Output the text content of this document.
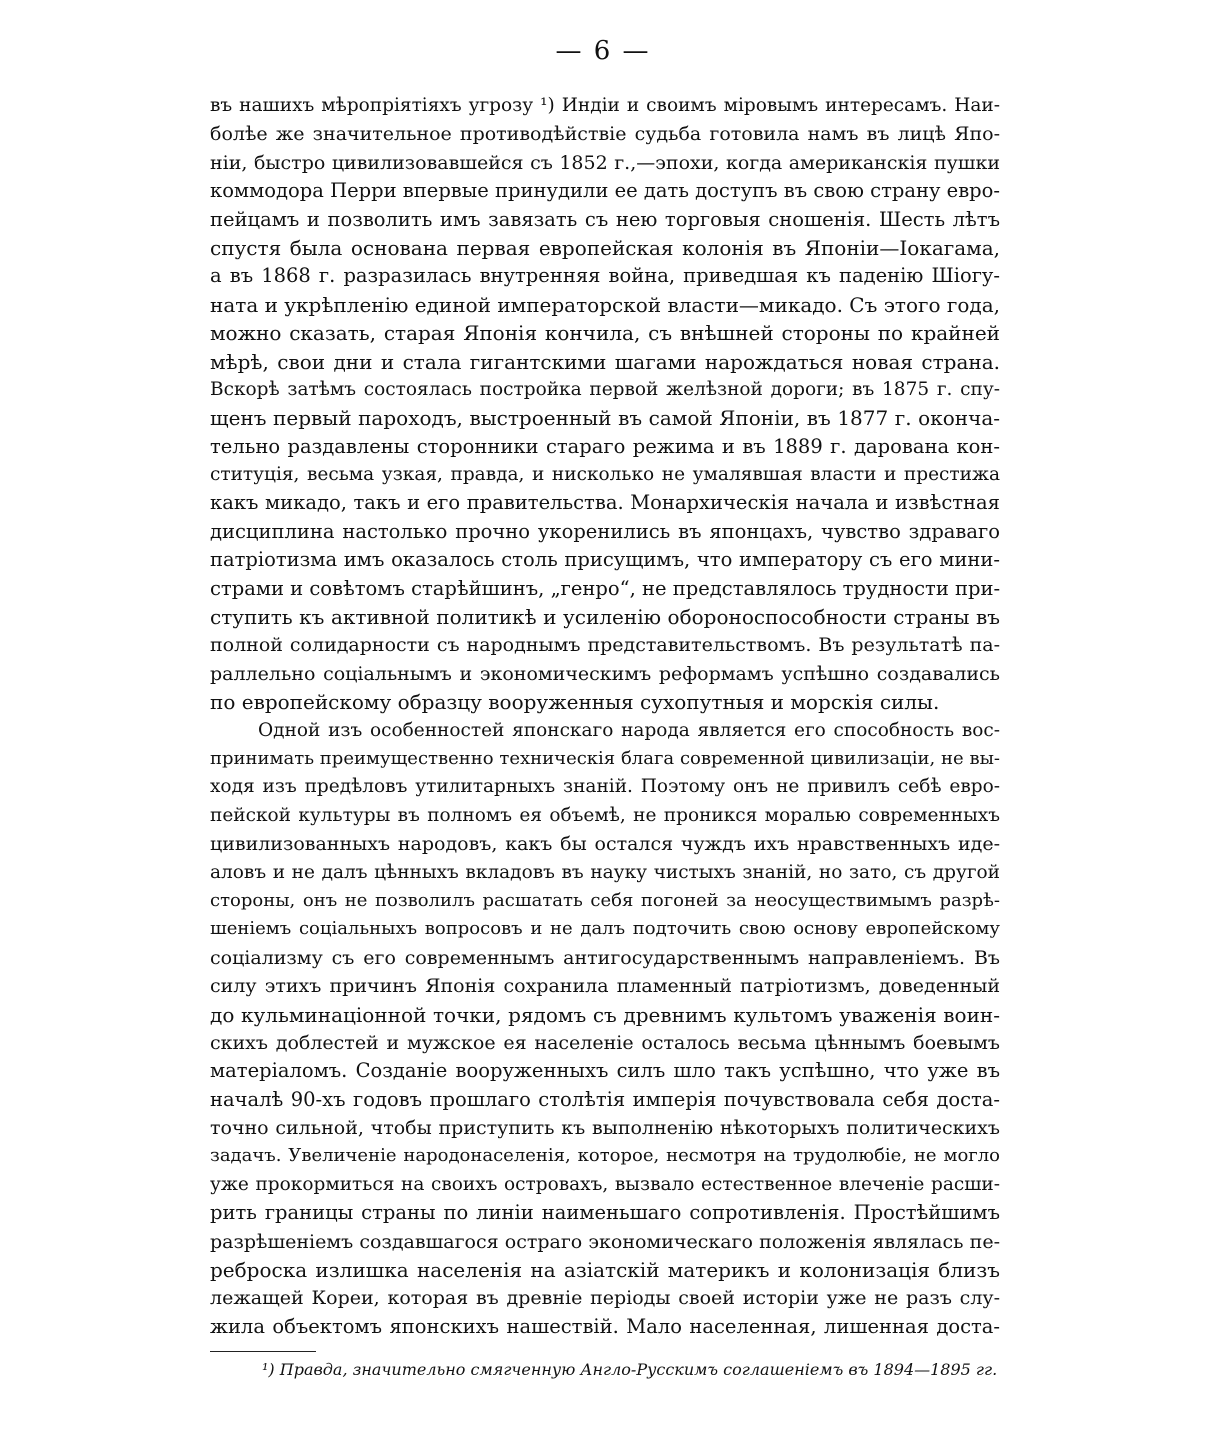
— 6 —
въ нашихъ мѣропріятіяхъ угрозу ¹) Индіи и своимъ міровымъ интересамъ. Наи-
болѣе же значительное противодѣйствіе судьба готовила намъ въ лицѣ Япо-
ніи, быстро цивилизовавшейся съ 1852 г.,—эпохи, когда американскія пушки
коммодора Перри впервые принудили ее дать доступъ въ свою страну евро-
пейцамъ и позволить имъ завязать съ нею торговыя сношенія. Шесть лѣтъ
спустя была основана первая европейская колонія въ Японіи—Іокагама,
а въ 1868 г. разразилась внутренняя война, приведшая къ паденію Шіогу-
ната и укрѣпленію единой императорской власти—микадо. Съ этого года,
можно сказать, старая Японія кончила, съ внѣшней стороны по крайней
мѣрѣ, свои дни и стала гигантскими шагами нарождаться новая страна.
Вскорѣ затѣмъ состоялась постройка первой желѣзной дороги; въ 1875 г. спу-
щенъ первый пароходъ, выстроенный въ самой Японіи, въ 1877 г. оконча-
тельно раздавлены сторонники стараго режима и въ 1889 г. дарована кон-
ституція, весьма узкая, правда, и нисколько не умалявшая власти и престижа
какъ микадо, такъ и его правительства. Монархическія начала и извѣстная
дисциплина настолько прочно укоренились въ японцахъ, чувство здраваго
патріотизма имъ оказалось столь присущимъ, что императору съ его мини-
страми и совѣтомъ старѣйшинъ, „генро“, не представлялось трудности при-
ступить къ активной политикѣ и усиленію обороноспособности страны въ
полной солидарности съ народнымъ представительствомъ. Въ результатѣ па-
раллельно соціальнымъ и экономическимъ реформамъ успѣшно создавались
по европейскому образцу вооруженныя сухопутныя и морскія силы.
Одной изъ особенностей японскаго народа является его способность вос-
принимать преимущественно техническія блага современной цивилизаціи, не вы-
ходя изъ предѣловъ утилитарныхъ знаній. Поэтому онъ не привилъ себѣ евро-
пейской культуры въ полномъ ея объемѣ, не проникся моралью современныхъ
цивилизованныхъ народовъ, какъ бы остался чуждъ ихъ нравственныхъ иде-
аловъ и не далъ цѣнныхъ вкладовъ въ науку чистыхъ знаній, но зато, съ другой
стороны, онъ не позволилъ расшатать себя погоней за неосуществимымъ разрѣ-
шеніемъ соціальныхъ вопросовъ и не далъ подточить свою основу европейскому
соціализму съ его современнымъ антигосударственнымъ направленіемъ. Въ
силу этихъ причинъ Японія сохранила пламенный патріотизмъ, доведенный
до кульминаціонной точки, рядомъ съ древнимъ культомъ уваженія воин-
скихъ доблестей и мужское ея населеніе осталось весьма цѣннымъ боевымъ
матеріаломъ. Созданіе вооруженныхъ силъ шло такъ успѣшно, что уже въ
началѣ 90-хъ годовъ прошлаго столѣтія имперія почувствовала себя доста-
точно сильной, чтобы приступить къ выполненію нѣкоторыхъ политическихъ
задачъ. Увеличеніе народонаселенія, которое, несмотря на трудолюбіе, не могло
уже прокормиться на своихъ островахъ, вызвало естественное влеченіе расши-
рить границы страны по линіи наименьшаго сопротивленія. Простѣйшимъ
разрѣшеніемъ создавшагося остраго экономическаго положенія являлась пе-
реброска излишка населенія на азіатскій материкъ и колонизація близъ
лежащей Кореи, которая въ древніе періоды своей исторіи уже не разъ слу-
жила объектомъ японскихъ нашествій. Мало населенная, лишенная доста-
¹) Правда, значительно смягченную Англо-Русскимъ соглашеніемъ въ 1894—1895 гг.
